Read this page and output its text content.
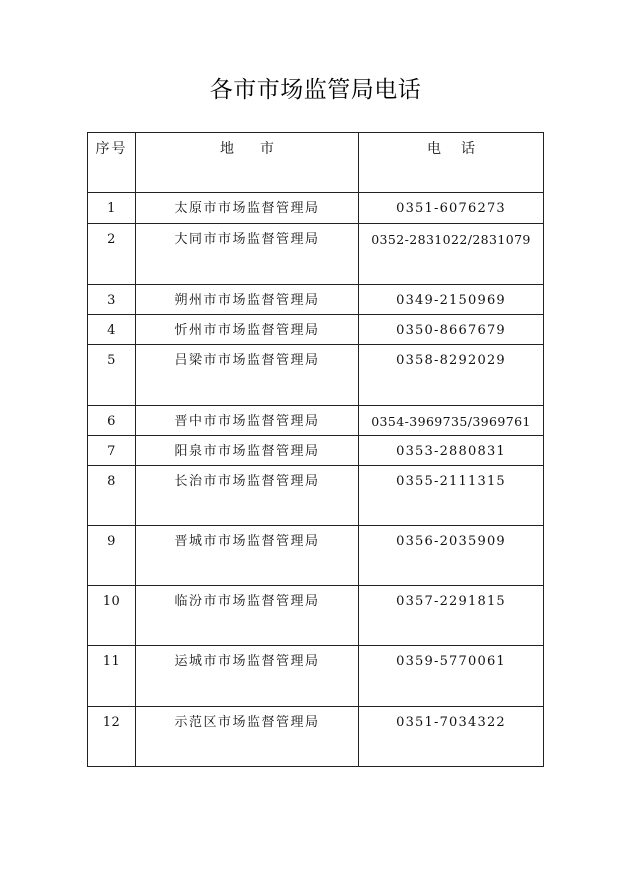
各市市场监管局电话
序号	地 市	电 话
1	太原市市场监督管理局	0351-6076273
2	大同市市场监督管理局	0352-2831022/2831079
3	朔州市市场监督管理局	0349-2150969
4	忻州市市场监督管理局	0350-8667679
5	吕梁市市场监督管理局	0358-8292029
6	晋中市市场监督管理局	0354-3969735/3969761
7	阳泉市市场监督管理局	0353-2880831
8	长治市市场监督管理局	0355-2111315
9	晋城市市场监督管理局	0356-2035909
10	临汾市市场监督管理局	0357-2291815
11	运城市市场监督管理局	0359-5770061
12	示范区市场监督管理局	0351-7034322
